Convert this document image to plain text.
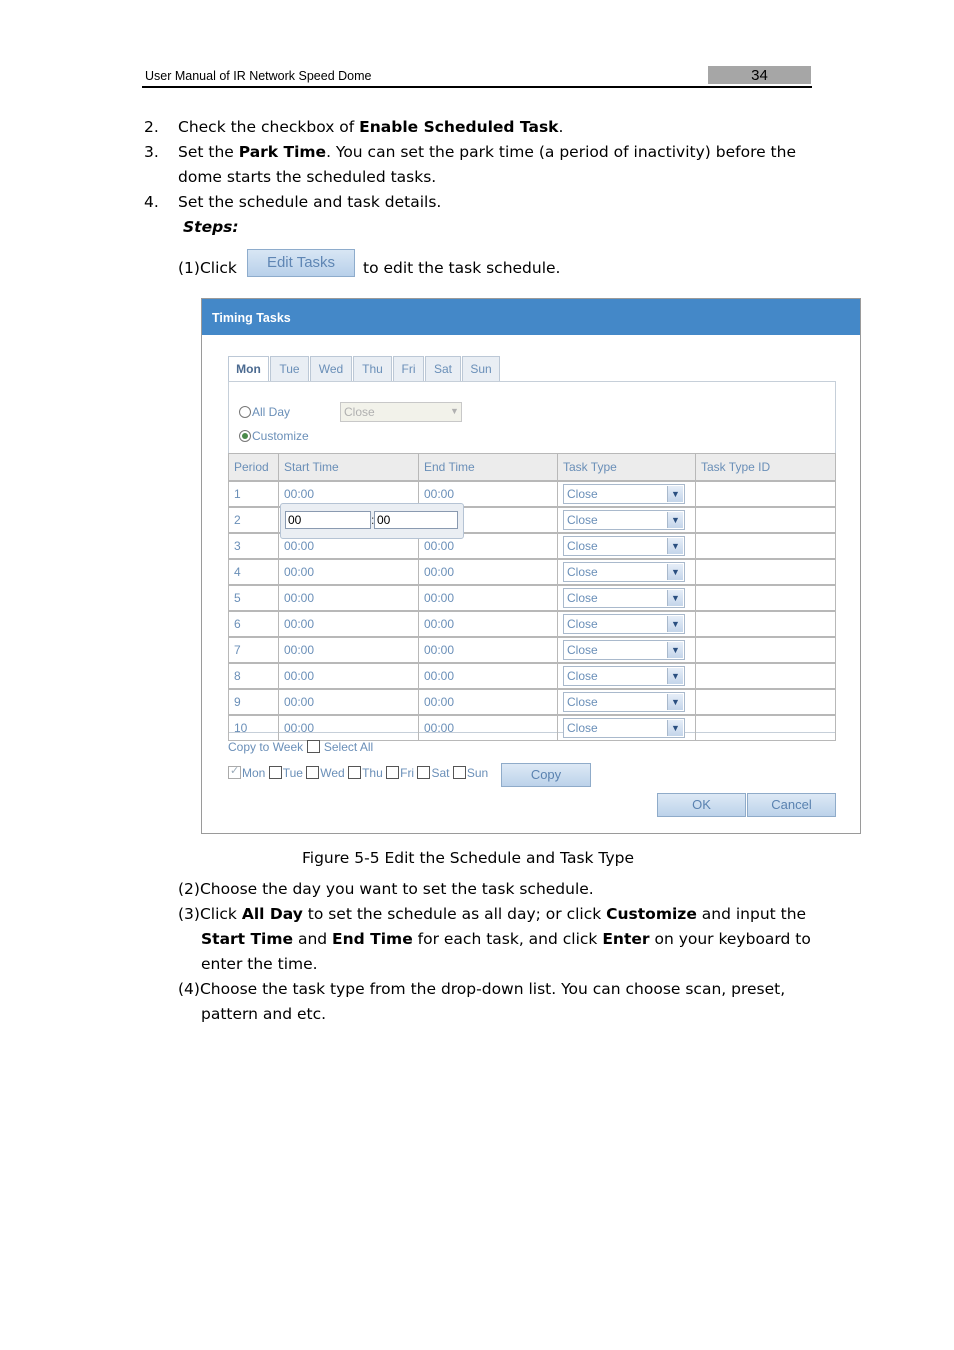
User Manual of IR Network Speed Dome	34
2. Check the checkbox of Enable Scheduled Task.
3. Set the Park Time. You can set the park time (a period of inactivity) before the
dome starts the scheduled tasks.
4. Set the schedule and task details.
Steps:
(1)Click	Edit Tasks	to edit the task schedule.
Timing Tasks
Mon	Tue	Wed	Thu	Fri	Sat	Sun
All Day	Close	▼
Customize
Period	Start Time	End Time	Task Type	Task Type ID
1	00:00	00:00	Close ▼	

2			Close ▼	

3	00:00	00:00	Close ▼	

4	00:00	00:00	Close ▼	

5	00:00	00:00	Close ▼	

6	00:00	00:00	Close ▼	

7	00:00	00:00	Close ▼	

8	00:00	00:00	Close ▼	

9	00:00	00:00	Close ▼	

10	00:00	00:00	Close ▼	

00
:
00
Copy to Week Select All
✓Mon Tue Wed Thu Fri Sat Sun	Copy
OK	Cancel
Figure 5-5 Edit the Schedule and Task Type
(2)Choose the day you want to set the task schedule.
(3)Click All Day to set the schedule as all day; or click Customize and input the
Start Time and End Time for each task, and click Enter on your keyboard to
enter the time.
(4)Choose the task type from the drop-down list. You can choose scan, preset,
pattern and etc.
